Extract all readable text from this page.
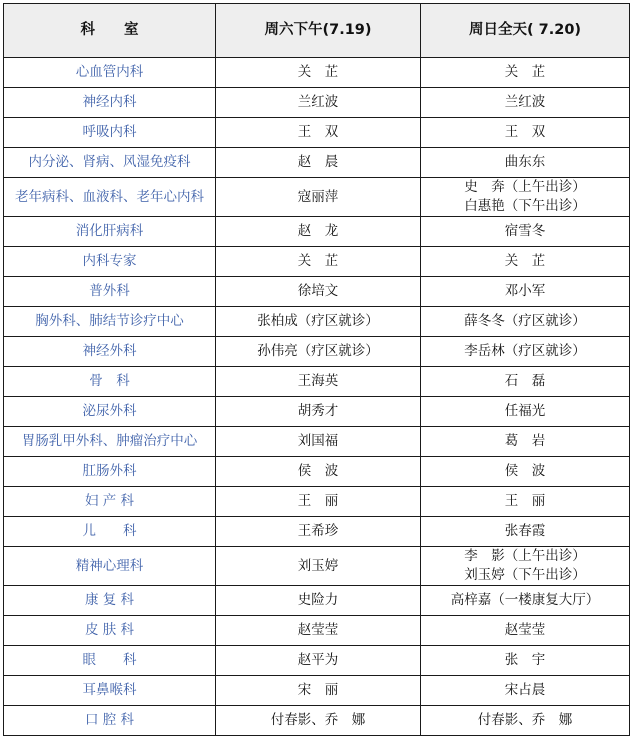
科　　室	周六下午(7.19)	周日全天( 7.20)
心血管内科	关　芷	关　芷

神经内科	兰红波	兰红波

呼吸内科	王　双	王　双

内分泌、肾病、风湿免疫科	赵　晨	曲东东

老年病科、血液科、老年心内科	寇丽萍	史　奔（上午出诊）
白惠艳（下午出诊）

消化肝病科	赵　龙	宿雪冬

内科专家	关　芷	关　芷

普外科	徐培文	邓小军

胸外科、肺结节诊疗中心	张柏成（疗区就诊）	薛冬冬（疗区就诊）

神经外科	孙伟亮（疗区就诊）	李岳林（疗区就诊）

骨　科	王海英	石　磊

泌尿外科	胡秀才	任福光

胃肠乳甲外科、肿瘤治疗中心	刘国福	葛　岩

肛肠外科	侯　波	侯　波

妇 产 科	王　丽	王　丽

儿　　科	王希珍	张春霞

精神心理科	刘玉婷	李　影（上午出诊）
刘玉婷（下午出诊）

康 复 科	史险力	高梓嘉（一楼康复大厅）

皮 肤 科	赵莹莹	赵莹莹

眼　　科	赵平为	张　宇

耳鼻喉科	宋　丽	宋占晨

口 腔 科	付春影、乔　娜	付春影、乔　娜
